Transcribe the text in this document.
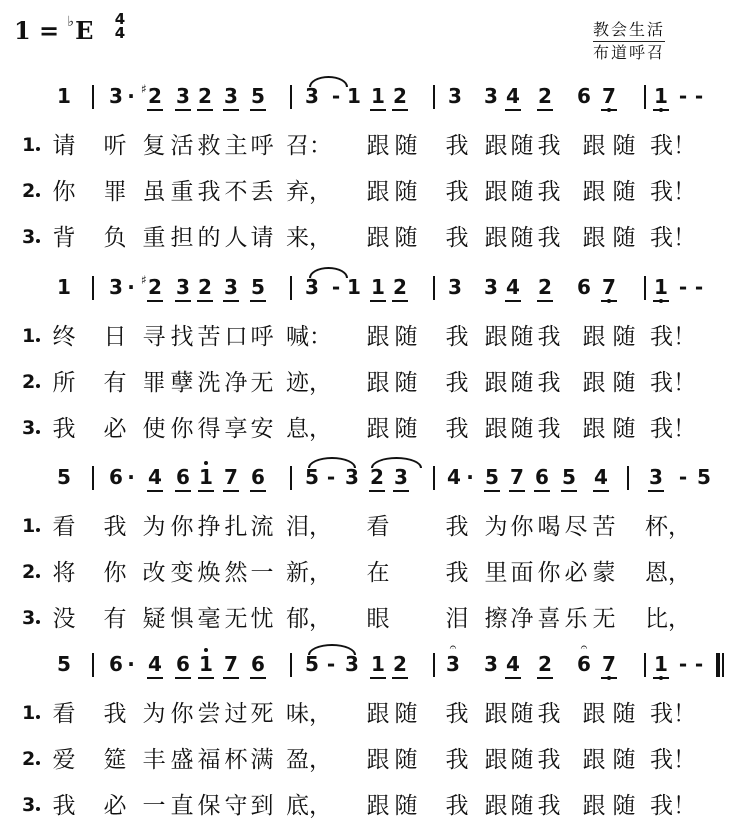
1 = ♭E 4
4	教会生活
布道呼召
1 3 · 2
♯ 3 2 3 5 3 - 1 1 2 3 3 4 2 6 7 1 - -
1 请 听 复 活 救 主 呼 召： 跟 随 我 跟 随 我 跟 随 我！
2 你 罪 虽 重 我 不 丢 弃， 跟 随 我 跟 随 我 跟 随 我！
3 背 负 重 担 的 人 请 来， 跟 随 我 跟 随 我 跟 随 我！
1 3 · 2
♯ 3 2 3 5 3 - 1 1 2 3 3 4 2 6 7 1 - -
1 终 日 寻 找 苦 口 呼 喊： 跟 随 我 跟 随 我 跟 随 我！
2 所 有 罪 孽 洗 净 无 迹， 跟 随 我 跟 随 我 跟 随 我！
3 我 必 使 你 得 享 安 息， 跟 随 我 跟 随 我 跟 随 我！
5 6 · 4 6 1 7 6 5 - 3 2 3 4 · 5 7 6 5 4 3 - 5
1 看 我 为 你 挣 扎 流 泪， 看 我 为 你 喝 尽 苦 杯，
2 将 你 改 变 焕 然 一 新， 在 我 里 面 你 必 蒙 恩，
3 没 有 疑 惧 毫 无 忧 郁， 眼 泪 擦 净 喜 乐 无 比，
5 6 · 4 6 1 7 6 5 - 3 1 2 3
𝄐
3 4 2 6
𝄐
7 1 - -
1 看 我 为 你 尝 过 死 味， 跟 随 我 跟 随 我 跟 随 我！
2 爱 筵 丰 盛 福 杯 满 盈， 跟 随 我 跟 随 我 跟 随 我！
3 我 必 一 直 保 守 到 底， 跟 随 我 跟 随 我 跟 随 我！
